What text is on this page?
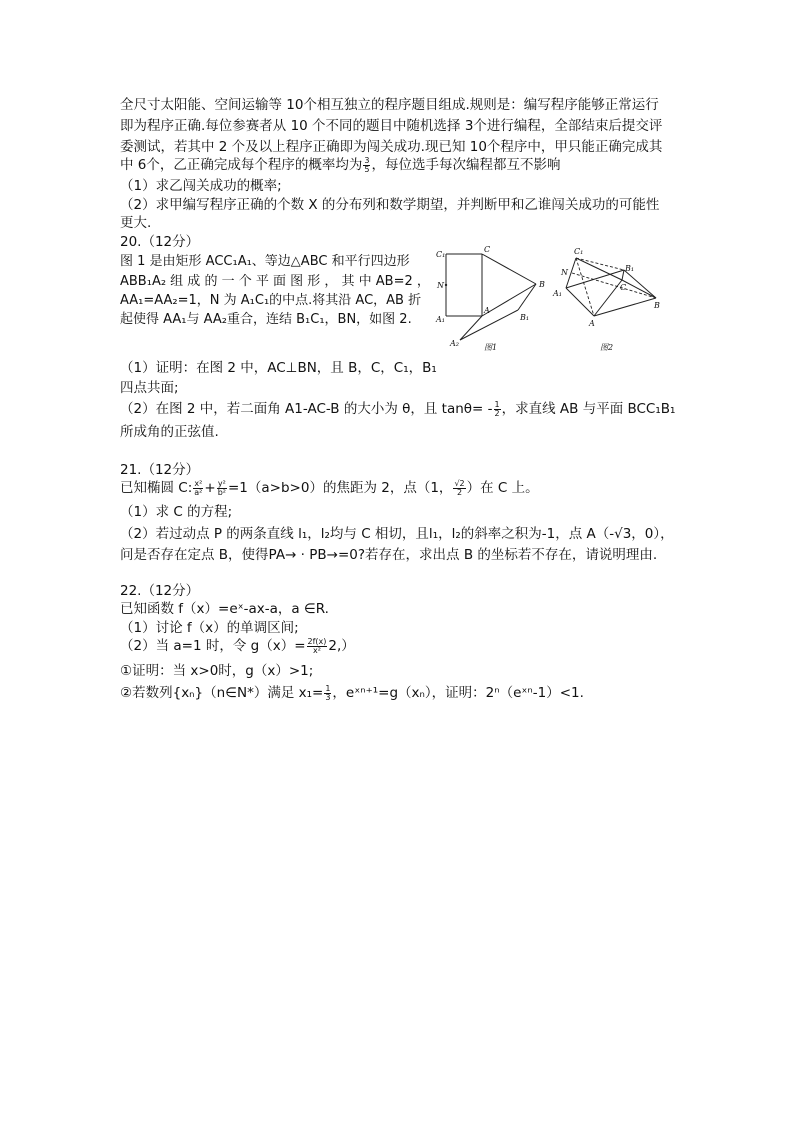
全尺寸太阳能、空间运输等 10个相互独立的程序题目组成.规则是：编写程序能够正常运行
即为程序正确.每位参赛者从 10 个不同的题目中随机选择 3个进行编程，全部结束后提交评
委测试，若其中 2 个及以上程序正确即为闯关成功.现已知 10个程序中，甲只能正确完成其
中 6个，乙正确完成每个程序的概率均为 $\frac{3}{5}$ ，每位选手每次编程都互不影响
（1）求乙闯关成功的概率;
（2）求甲编写程序正确的个数 X 的分布列和数学期望，并判断甲和乙谁闯关成功的可能性
更大.
20.（12分）
图 1 是由矩形 ACC₁A₁、等边△ABC 和平行四边形
ABB₁A₂ 组 成 的 一 个 平 面 图 形 ， 其 中 AB=2 ，
AA₁=AA₂=1，N 为 A₁C₁的中点.将其沿 AC，AB 折
起使得 AA₁与 AA₂重合，连结 B₁C₁，BN，如图 2.
C₁
C
N
A₁
A
B
B₁
A₂	图1
C₁
N	B₁
C
A₁
B
A
图2
（1）证明：在图 2 中，AC⊥BN，且 B，C，C₁，B₁
四点共面;
（2）在图 2 中，若二面角 A1-AC-B 的大小为 θ，且 $\tan\theta= - \frac{1}{2}$ ，求直线 AB 与平面 BCC₁B₁
所成角的正弦值.
21.（12分）
已知椭圆 C: $\frac{\text{x²}}{\text{a²}} + \frac{\text{y²}}{\text{b²}} =1(a>b>0)$的焦距为 2，点（1， $\frac{√2}{2}$ ）在 C 上。
（1）求 C 的方程;
（2）若过动点 P 的两条直线 l₁，l₂均与 C 相切，且l₁，l₂的斜率之积为-1，点 A（-√3，0），
问是否存在定点 B，使得PA→ · PB→=0?若存在，求出点 B 的坐标若不存在，请说明理由.
22.（12分）
已知函数 f（x）=eˣ-ax-a，a ∈R.
（1）讨论 f（x）的单调区间;
（2）当 a=1 时，令 $g(x)= \frac{2f(x)}{\text{x²}} 2$,）
①证明：当 x>0时，g（x）>1;
②若数列{xₙ}（n∈N*）满足 $x_1= \frac{1}{3}$ ，eˣⁿ⁺¹=g（xₙ），证明：2ⁿ（eˣⁿ-1）<1.
